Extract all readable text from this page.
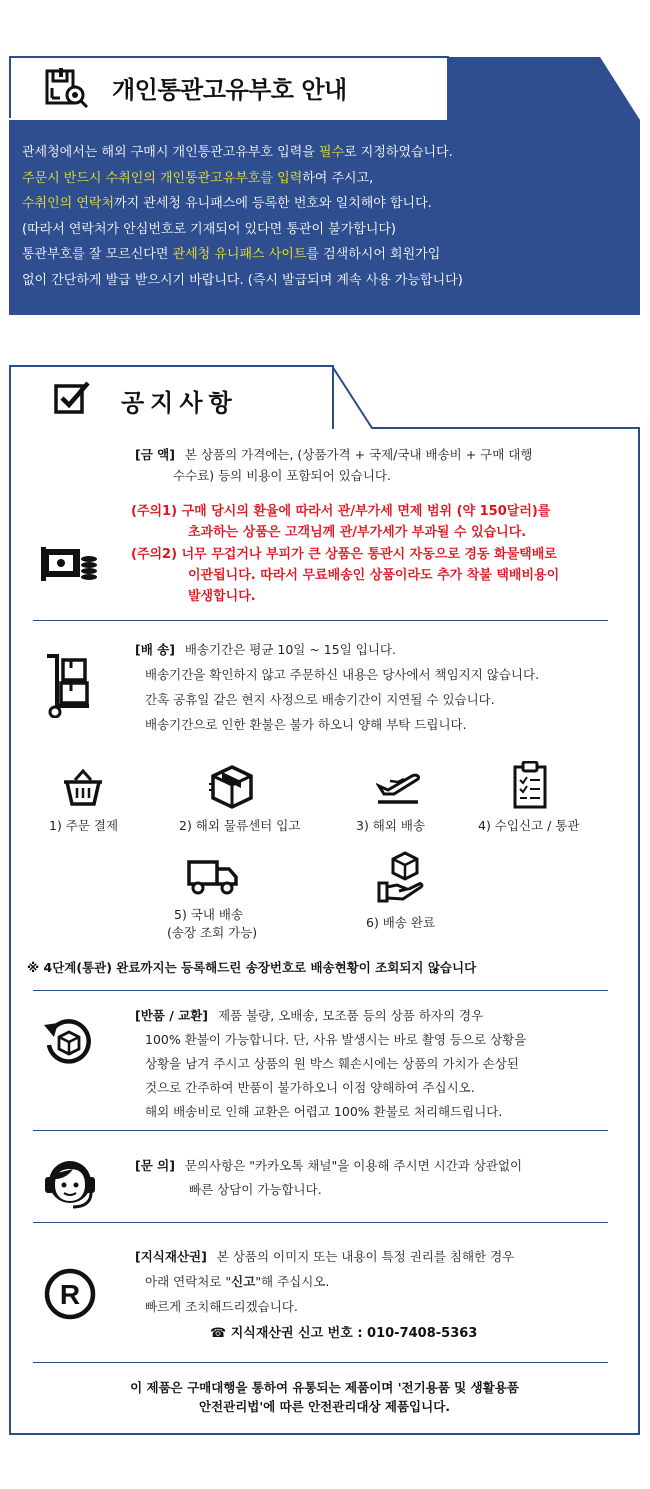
개인통관고유부호 안내
관세청에서는 해외 구매시 개인통관고유부호 입력을 필수로 지정하였습니다.
주문시 반드시 수취인의 개인통관고유부호를 입력하여 주시고,
수취인의 연락처까지 관세청 유니패스에 등록한 번호와 일치해야 합니다.
(따라서 연락처가 안심번호로 기재되어 있다면 통관이 불가합니다)
통관부호를 잘 모르신다면 관세청 유니패스 사이트를 검색하시어 회원가입
없이 간단하게 발급 받으시기 바랍니다. (즉시 발급되며 계속 사용 가능합니다)
공지사항
[금 액] 본 상품의 가격에는, (상품가격 + 국제/국내 배송비 + 구매 대행
수수료) 등의 비용이 포함되어 있습니다.
(주의1) 구매 당시의 환율에 따라서 관/부가세 면제 범위 (약 150달러)를
초과하는 상품은 고객님께 관/부가세가 부과될 수 있습니다.
(주의2) 너무 무겁거나 부피가 큰 상품은 통관시 자동으로 경동 화물택배로
이관됩니다. 따라서 무료배송인 상품이라도 추가 착불 택배비용이
발생합니다.
[배 송] 배송기간은 평균 10일 ~ 15일 입니다.
배송기간을 확인하지 않고 주문하신 내용은 당사에서 책임지지 않습니다.
간혹 공휴일 같은 현지 사정으로 배송기간이 지연될 수 있습니다.
배송기간으로 인한 환불은 불가 하오니 양해 부탁 드립니다.
1) 주문 결제	2) 해외 물류센터 입고	3) 해외 배송	4) 수입신고 / 통관
5) 국내 배송
(송장 조회 가능)
6) 배송 완료
※ 4단계(통관) 완료까지는 등록해드린 송장번호로 배송현황이 조회되지 않습니다
[반품 / 교환] 제품 불량, 오배송, 모조품 등의 상품 하자의 경우
100% 환불이 가능합니다. 단, 사유 발생시는 바로 촬영 등으로 상황을
상황을 남겨 주시고 상품의 원 박스 훼손시에는 상품의 가치가 손상된
것으로 간주하여 반품이 불가하오니 이점 양해하여 주십시오.
해외 배송비로 인해 교환은 어렵고 100% 환불로 처리해드립니다.
[문 의] 문의사항은 "카카오톡 채널"을 이용해 주시면 시간과 상관없이
빠른 상담이 가능합니다.
R
[지식재산권] 본 상품의 이미지 또는 내용이 특정 권리를 침해한 경우
아래 연락처로 "신고"해 주십시오.
빠르게 조치해드리겠습니다.
☎ 지식재산권 신고 번호 : 010-7408-5363
이 제품은 구매대행을 통하여 유통되는 제품이며 '전기용품 및 생활용품
안전관리법'에 따른 안전관리대상 제품입니다.
